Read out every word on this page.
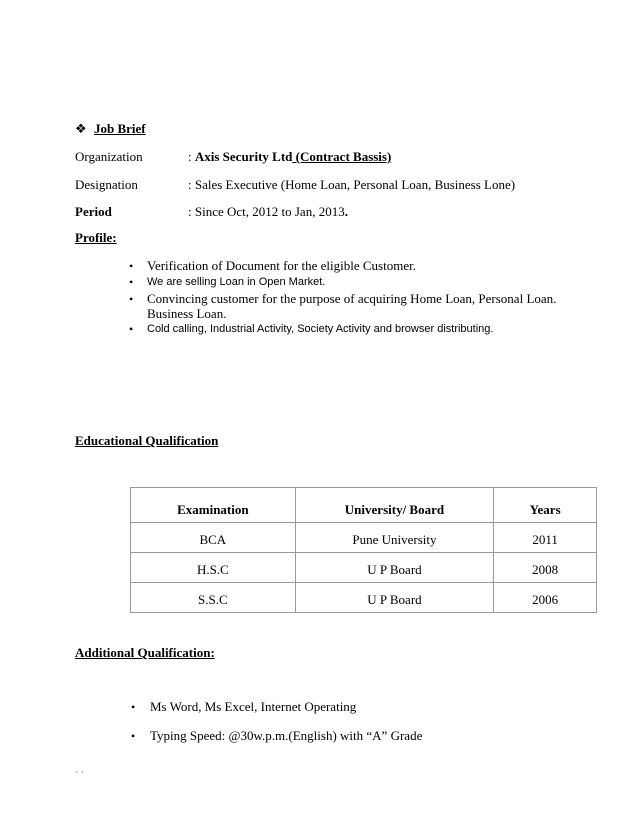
❖ Job Brief
Organization	: Axis Security Ltd (Contract Bassis)
Designation	: Sales Executive (Home Loan, Personal Loan, Business Lone)
Period	: Since Oct, 2012 to Jan, 2013.
Profile:
• Verification of Document for the eligible Customer.
• We are selling Loan in Open Market.
• Convincing customer for the purpose of acquiring Home Loan, Personal Loan.
Business Loan.
• Cold calling, Industrial Activity, Society Activity and browser distributing.
Educational Qualification
Examination	University/ Board	Years
BCA	Pune University	2011
H.S.C	U P Board	2008
S.S.C	U P Board	2006
Additional Qualification:
• Ms Word, Ms Excel, Internet Operating
• Typing Speed: @30w.p.m.(English) with “A” Grade
` `
